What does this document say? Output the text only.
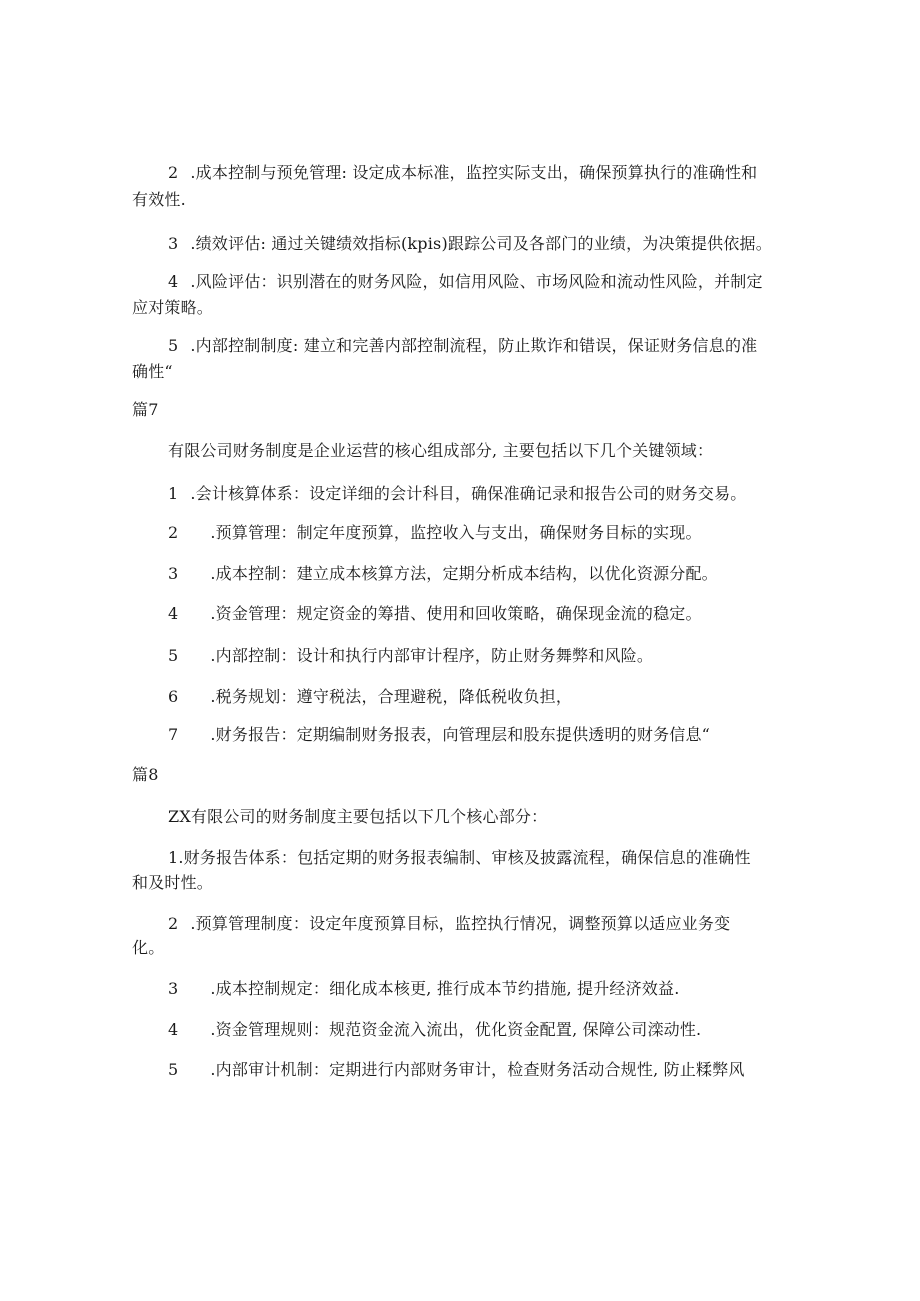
2 .成本控制与预免管理: 设定成本标准，监控实际支出，确保预算执行的准确性和
有效性.
3 .绩效评估: 通过关键绩效指标(kpis)跟踪公司及各部门的业绩，为决策提供依据。
4 .风险评估：识别潜在的财务风险，如信用风险、市场风险和流动性风险，并制定
应对策略。
5 .内部控制制度: 建立和完善内部控制流程，防止欺诈和错误，保证财务信息的准
确性“
篇7
有限公司财务制度是企业运营的核心组成部分, 主要包括以下几个关键领域：
1 .会计核算体系：设定详细的会计科目，确保准确记录和报告公司的财务交易。
2 .预算管理：制定年度预算，监控收入与支出，确保财务目标的实现。
3 .成本控制：建立成本核算方法，定期分析成本结构，以优化资源分配。
4 .资金管理：规定资金的筹措、使用和回收策略，确保现金流的稳定。
5 .内部控制：设计和执行内部审计程序，防止财务舞弊和风险。
6 .税务规划：遵守税法，合理避税，降低税收负担，
7 .财务报告：定期编制财务报表，向管理层和股东提供透明的财务信息“
篇8
ZX有限公司的财务制度主要包括以下几个核心部分：
1.财务报告体系：包括定期的财务报表编制、审核及披露流程，确保信息的准确性
和及时性。
2 .预算管理制度：设定年度预算目标，监控执行情况，调整预算以适应业务变
化。
3 .成本控制规定：细化成本核更, 推行成本节约措施, 提升经济效益.
4 .资金管理规则：规范资金流入流出，优化资金配置, 保障公司滦动性.
5 .内部审计机制：定期进行内部财务审计，检查财务活动合规性, 防止糅弊风
